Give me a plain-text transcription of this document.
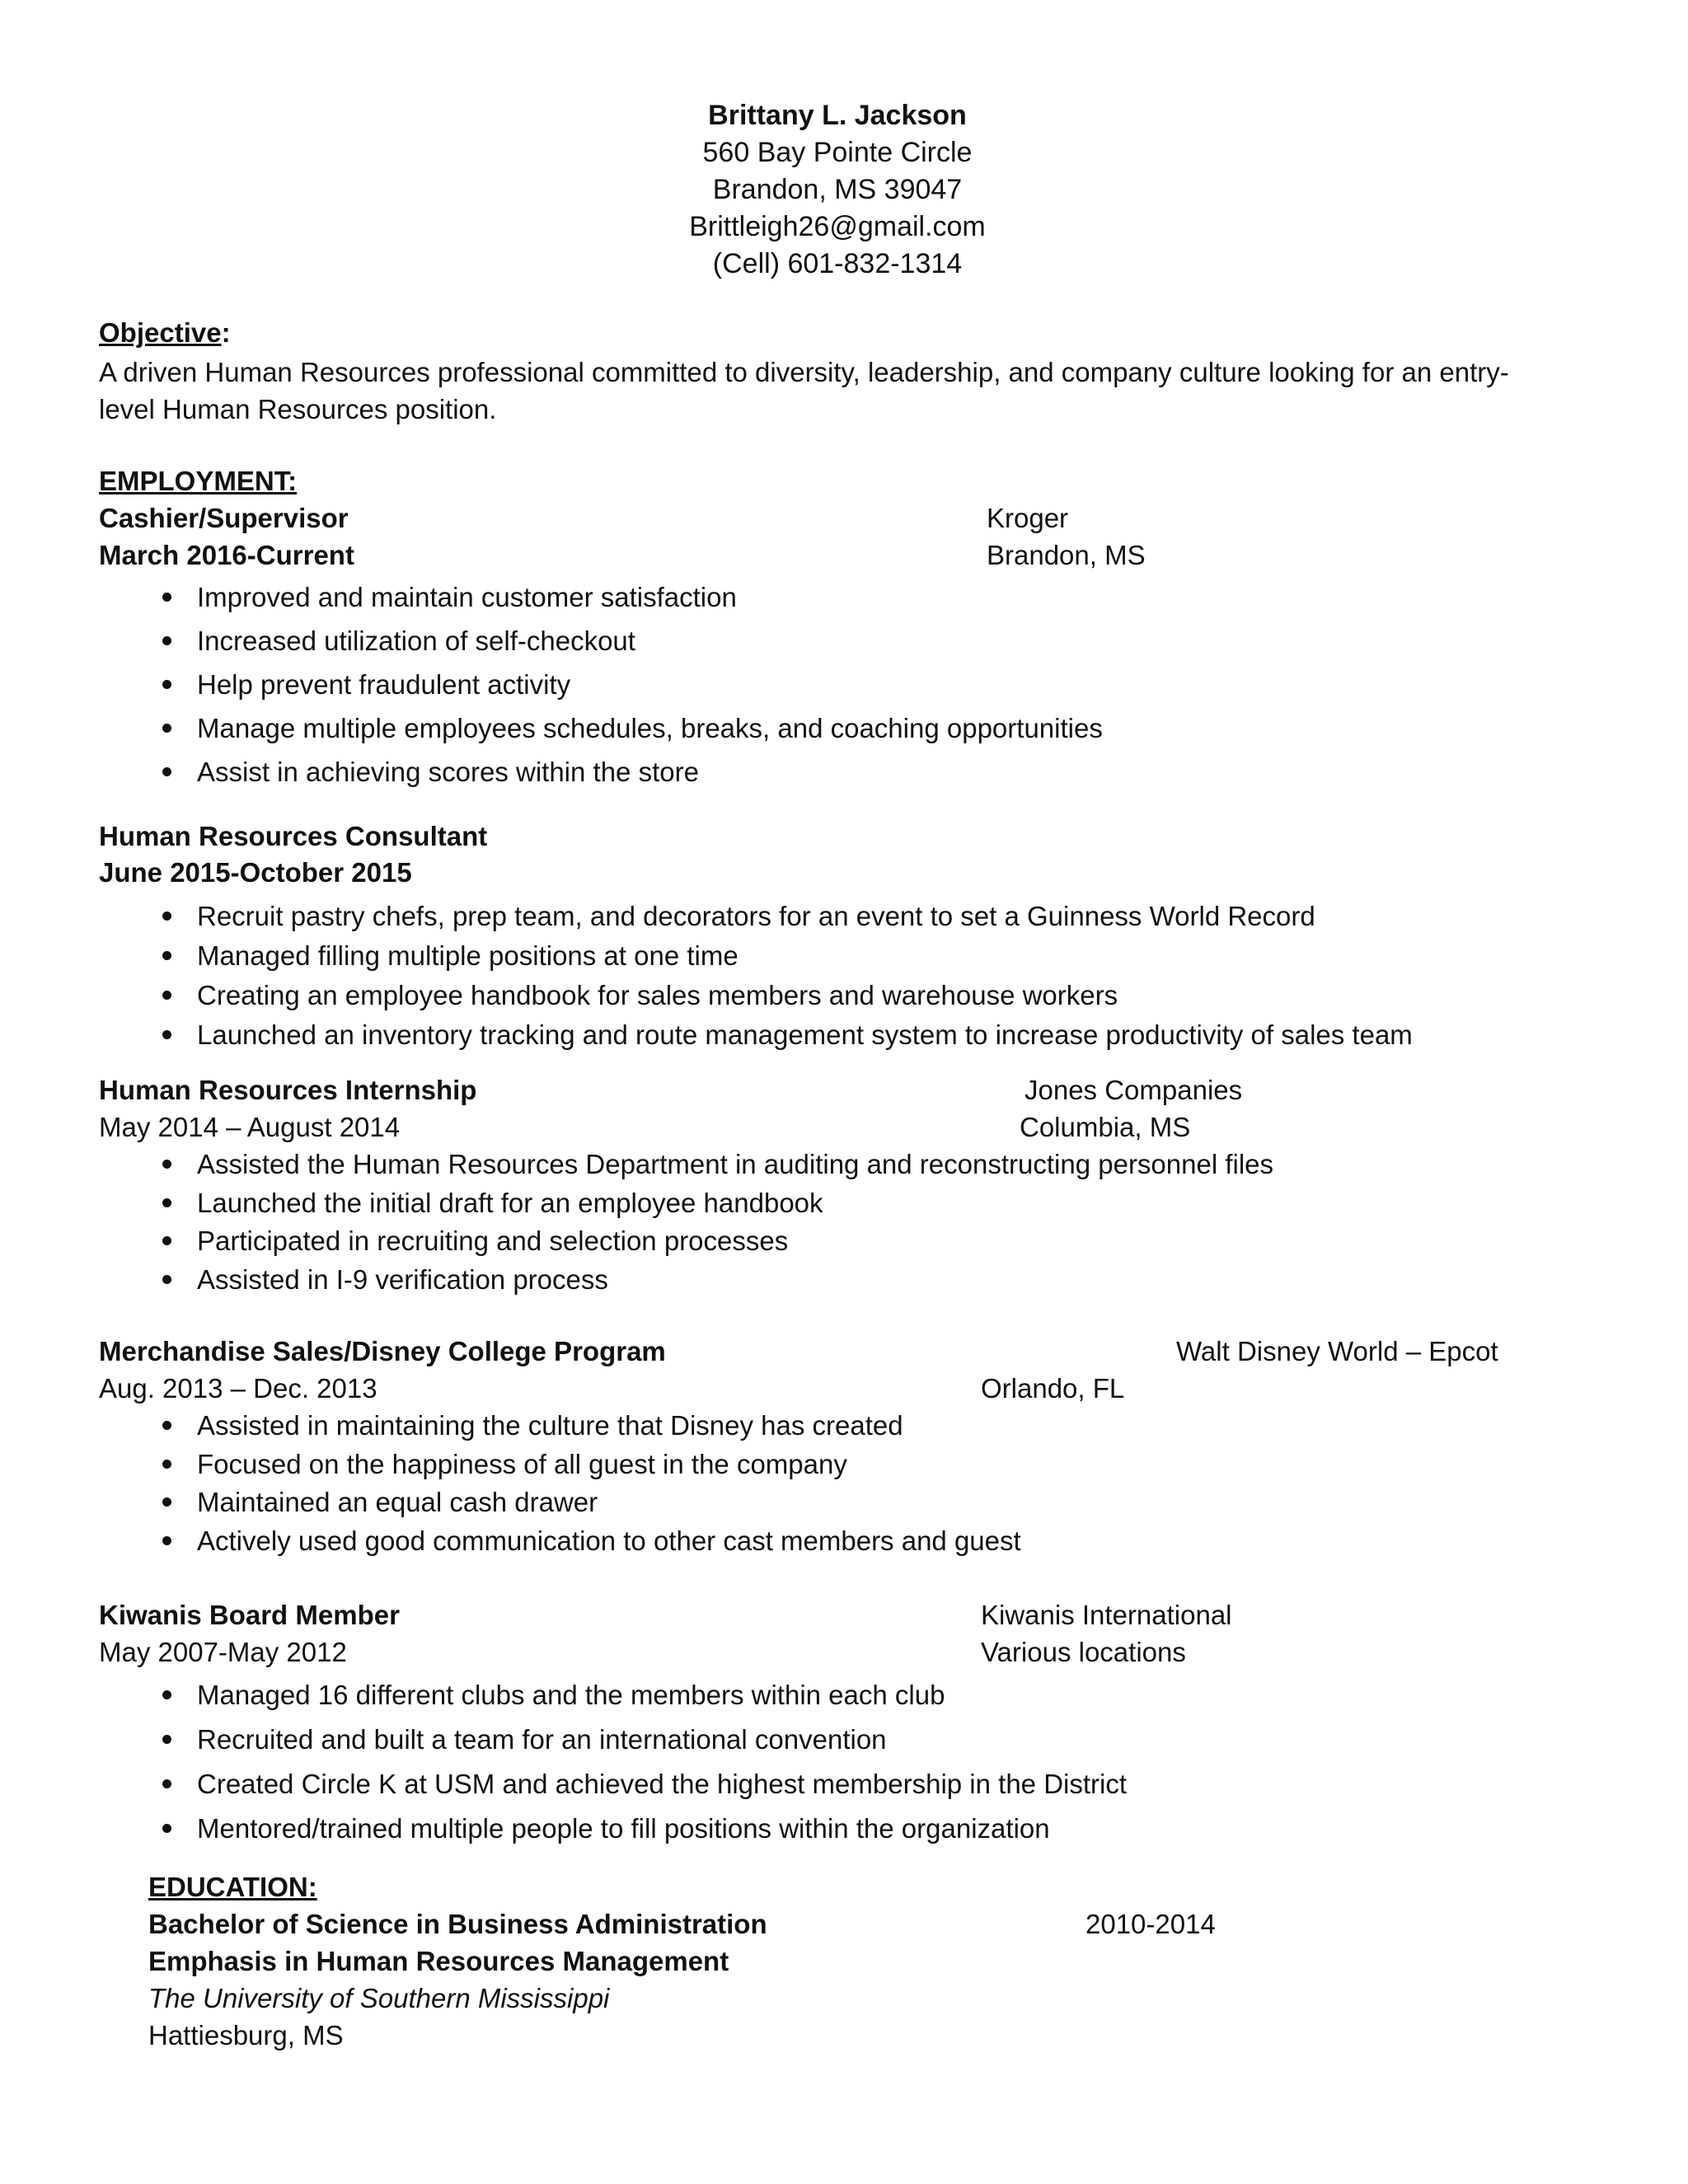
Brittany L. Jackson
560 Bay Pointe Circle
Brandon, MS 39047
Brittleigh26@gmail.com
(Cell) 601-832-1314
Objective:
A driven Human Resources professional committed to diversity, leadership, and company culture looking for an entry-level Human Resources position.
EMPLOYMENT:
Cashier/Supervisor	Kroger
March 2016-Current	Brandon, MS
Improved and maintain customer satisfaction
Increased utilization of self-checkout
Help prevent fraudulent activity
Manage multiple employees schedules, breaks, and coaching opportunities
Assist in achieving scores within the store
Human Resources Consultant
June 2015-October 2015
Recruit pastry chefs, prep team, and decorators for an event to set a Guinness World Record
Managed filling multiple positions at one time
Creating an employee handbook for sales members and warehouse workers
Launched an inventory tracking and route management system to increase productivity of sales team
Human Resources Internship	Jones Companies
May 2014 – August 2014	Columbia, MS
Assisted the Human Resources Department in auditing and reconstructing personnel files
Launched the initial draft for an employee handbook
Participated in recruiting and selection processes
Assisted in I-9 verification process
Merchandise Sales/Disney College Program	Walt Disney World – Epcot
Aug. 2013 – Dec. 2013	Orlando, FL
Assisted in maintaining the culture that Disney has created
Focused on the happiness of all guest in the company
Maintained an equal cash drawer
Actively used good communication to other cast members and guest
Kiwanis Board Member	Kiwanis International
May 2007-May 2012	Various locations
Managed 16 different clubs and the members within each club
Recruited and built a team for an international convention
Created Circle K at USM and achieved the highest membership in the District
Mentored/trained multiple people to fill positions within the organization
EDUCATION:
Bachelor of Science in Business Administration	2010-2014
Emphasis in Human Resources Management
The University of Southern Mississippi
Hattiesburg, MS
